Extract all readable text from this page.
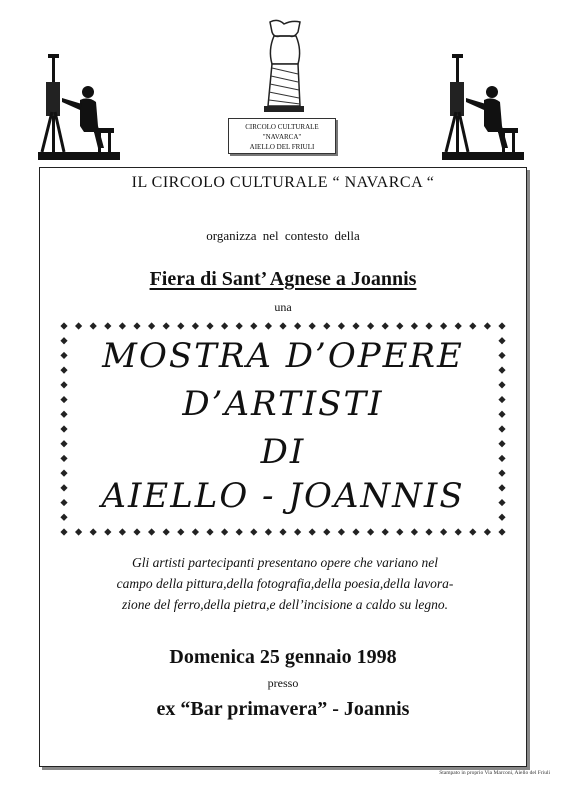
CIRCOLO CULTURALE
"NAVARCA"
AIELLO DEL FRIULI
IL CIRCOLO CULTURALE “ NAVARCA “
organizza nel contesto della
Fiera di Sant’ Agnese a Joannis
una
MOSTRA D’OPERE
D’ARTISTI
DI
AIELLO - JOANNIS
Gli artisti partecipanti presentano opere che variano nel
campo della pittura,della fotografia,della poesia,della lavora-
zione del ferro,della pietra,e dell’incisione a caldo su legno.
Domenica 25 gennaio 1998
presso
ex “Bar primavera” - Joannis
Stampato in proprio Via Marconi, Aiello del Friuli
